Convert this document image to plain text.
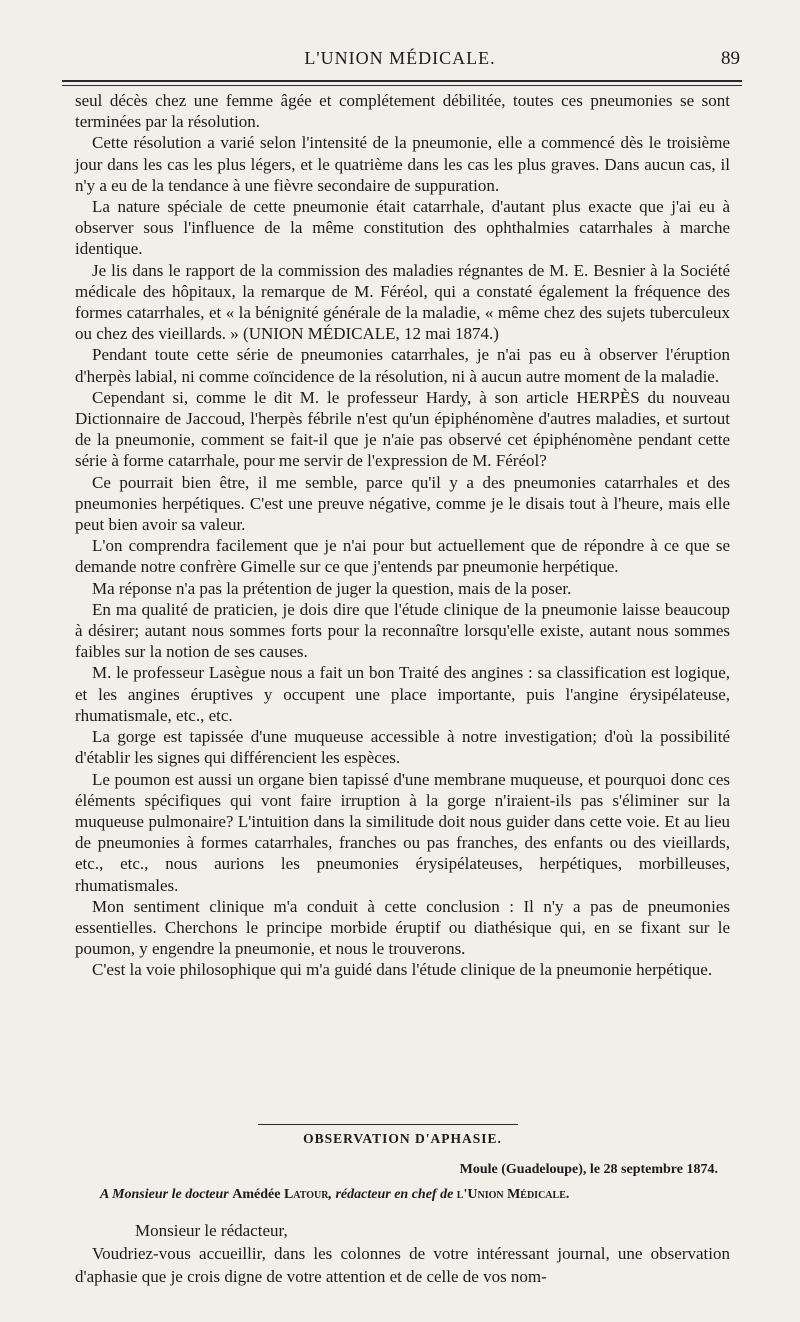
L'UNION MÉDICALE.	89

seul décès chez une femme âgée et complétement débilitée, toutes ces pneumonies se sont terminées par la résolution.

Cette résolution a varié selon l'intensité de la pneumonie, elle a commencé dès le troisième jour dans les cas les plus légers, et le quatrième dans les cas les plus graves. Dans aucun cas, il n'y a eu de la tendance à une fièvre secondaire de suppuration.

La nature spéciale de cette pneumonie était catarrhale, d'autant plus exacte que j'ai eu à observer sous l'influence de la même constitution des ophthalmies catarrhales à marche identique.

Je lis dans le rapport de la commission des maladies régnantes de M. E. Besnier à la Société médicale des hôpitaux, la remarque de M. Féréol, qui a constaté également la fréquence des formes catarrhales, et « la bénignité générale de la maladie, « même chez des sujets tuberculeux ou chez des vieillards. » (UNION MÉDICALE, 12 mai 1874.)

Pendant toute cette série de pneumonies catarrhales, je n'ai pas eu à observer l'éruption d'herpès labial, ni comme coïncidence de la résolution, ni à aucun autre moment de la maladie.

Cependant si, comme le dit M. le professeur Hardy, à son article HERPÈS du nouveau Dictionnaire de Jaccoud, l'herpès fébrile n'est qu'un épiphénomène d'autres maladies, et surtout de la pneumonie, comment se fait-il que je n'aie pas observé cet épiphénomène pendant cette série à forme catarrhale, pour me servir de l'expression de M. Féréol?

Ce pourrait bien être, il me semble, parce qu'il y a des pneumonies catarrhales et des pneumonies herpétiques. C'est une preuve négative, comme je le disais tout à l'heure, mais elle peut bien avoir sa valeur.

L'on comprendra facilement que je n'ai pour but actuellement que de répondre à ce que se demande notre confrère Gimelle sur ce que j'entends par pneumonie herpétique.

Ma réponse n'a pas la prétention de juger la question, mais de la poser.

En ma qualité de praticien, je dois dire que l'étude clinique de la pneumonie laisse beaucoup à désirer; autant nous sommes forts pour la reconnaître lorsqu'elle existe, autant nous sommes faibles sur la notion de ses causes.

M. le professeur Lasègue nous a fait un bon Traité des angines : sa classification est logique, et les angines éruptives y occupent une place importante, puis l'angine érysipélateuse, rhumatismale, etc., etc.

La gorge est tapissée d'une muqueuse accessible à notre investigation; d'où la possibilité d'établir les signes qui différencient les espèces.

Le poumon est aussi un organe bien tapissé d'une membrane muqueuse, et pourquoi donc ces éléments spécifiques qui vont faire irruption à la gorge n'iraient-ils pas s'éliminer sur la muqueuse pulmonaire? L'intuition dans la similitude doit nous guider dans cette voie. Et au lieu de pneumonies à formes catarrhales, franches ou pas franches, des enfants ou des vieillards, etc., etc., nous aurions les pneumonies érysipélateuses, herpétiques, morbilleuses, rhumatismales.

Mon sentiment clinique m'a conduit à cette conclusion : Il n'y a pas de pneumonies essentielles. Cherchons le principe morbide éruptif ou diathésique qui, en se fixant sur le poumon, y engendre la pneumonie, et nous le trouverons.

C'est la voie philosophique qui m'a guidé dans l'étude clinique de la pneumonie herpétique.

OBSERVATION D'APHASIE.
Moule (Guadeloupe), le 28 septembre 1874.
A Monsieur le docteur Amédée Latour, rédacteur en chef de l'Union Médicale.

Monsieur le rédacteur,

Voudriez-vous accueillir, dans les colonnes de votre intéressant journal, une observation d'aphasie que je crois digne de votre attention et de celle de vos nom-
